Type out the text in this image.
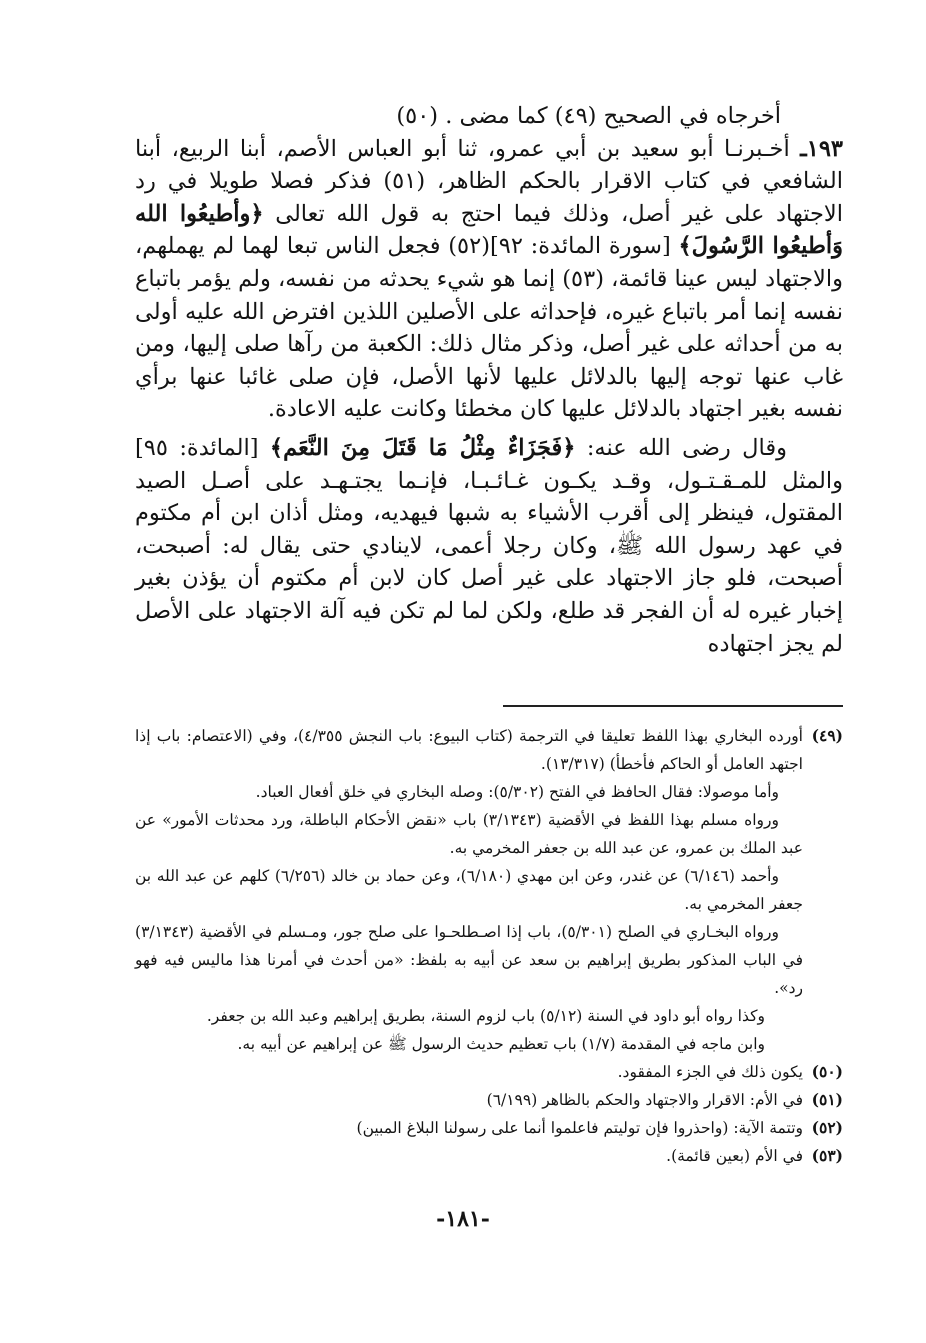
أخرجاه في الصحيح (٤٩) كما مضى . (٥٠)

١٩٣ـ أخـبرنـا أبو سعيد بن أبي عمرو، ثنا أبو العباس الأصم، أبنا الربيع، أبنا الشافعي في كتاب الاقرار بالحكم الظاهر، (٥١) فذكر فصلا طويلا في رد الاجتهاد على غير أصل، وذلك فيما احتج به قول الله تعالى ﴿وأطيعُوا الله وَأطيعُوا الرَّسُولَ﴾ [سورة المائدة: ٩٢](٥٢) فجعل الناس تبعا لهما لم يهملهم، والاجتهاد ليس عينا قائمة، (٥٣) إنما هو شيء يحدثه من نفسه، ولم يؤمر باتباع نفسه إنما أمر باتباع غيره، فإحداثه على الأصلين اللذين افترض الله عليه أولى به من أحداثه على غير أصل، وذكر مثال ذلك: الكعبة من رآها صلى إليها، ومن غاب عنها توجه إليها بالدلائل عليها لأنها الأصل، فإن صلى غائبا عنها برأي نفسه بغير اجتهاد بالدلائل عليها كان مخطئا وكانت عليه الاعادة.

وقال رضى الله عنه: ﴿فَجَزَاءٌ مِثْلُ مَا قَتَلَ مِنَ النَّعَم﴾ [المائدة: ٩٥] والمثل للمـقـتـول، وقـد يكـون غـائـبـا، فإنـما يجتـهـد على أصـل الصيد المقتول، فينظر إلى أقرب الأشياء به شبها فيهديه، ومثل أذان ابن أم مكتوم في عهد رسول الله ﷺ، وكان رجلا أعمى، لاينادي حتى يقال له: أصبحت، أصبحت، فلو جاز الاجتهاد على غير أصل كان لابن أم مكتوم أن يؤذن بغير إخبار غيره له أن الفجر قد طلع، ولكن لما لم تكن فيه آلة الاجتهاد على الأصل لم يجز اجتهاده

(٤٩)

أورده البخاري بهذا اللفظ تعليقا في الترجمة (كتاب البيوع: باب النجش ٤/٣٥٥)، وفي (الاعتصام: باب إذا اجتهد العامل أو الحاكم فأخطأ) (١٣/٣١٧).

وأما موصولا: فقال الحافظ في الفتح (٥/٣٠٢): وصله البخاري في خلق أفعال العباد.

ورواه مسلم بهذا اللفظ في الأقضية (٣/١٣٤٣) باب «نقض الأحكام الباطلة، ورد محدثات الأمور» عن عبد الملك بن عمرو، عن عبد الله بن جعفر المخرمي به.

وأحمد (٦/١٤٦) عن غندر، وعن ابن مهدي (٦/١٨٠)، وعن حماد بن خالد (٦/٢٥٦) كلهم عن عبد الله بن جعفر المخرمي به.

ورواه البخـاري في الصلح (٥/٣٠١)، باب إذا اصـطلحـوا على صلح جور، ومـسلم في الأقضية (٣/١٣٤٣) في الباب المذكور بطريق إبراهيم بن سعد عن أبيه به بلفظ: «من أحدث في أمرنا هذا ماليس فيه فهو رد».

وكذا رواه أبو داود في السنة (٥/١٢) باب لزوم السنة، بطريق إبراهيم وعبد الله بن جعفر.

وابن ماجه في المقدمة (١/٧) باب تعظيم حديث الرسول ﷺ عن إبراهيم عن أبيه به.

(٥٠)

يكون ذلك في الجزء المفقود.

(٥١)

في الأم: الاقرار والاجتهاد والحكم بالظاهر (٦/١٩٩)

(٥٢)

وتتمة الآية: (واحذروا فإن توليتم فاعلموا أنما على رسولنا البلاغ المبين)

(٥٣)

في الأم (بعين قائمة).

-١٨١-
